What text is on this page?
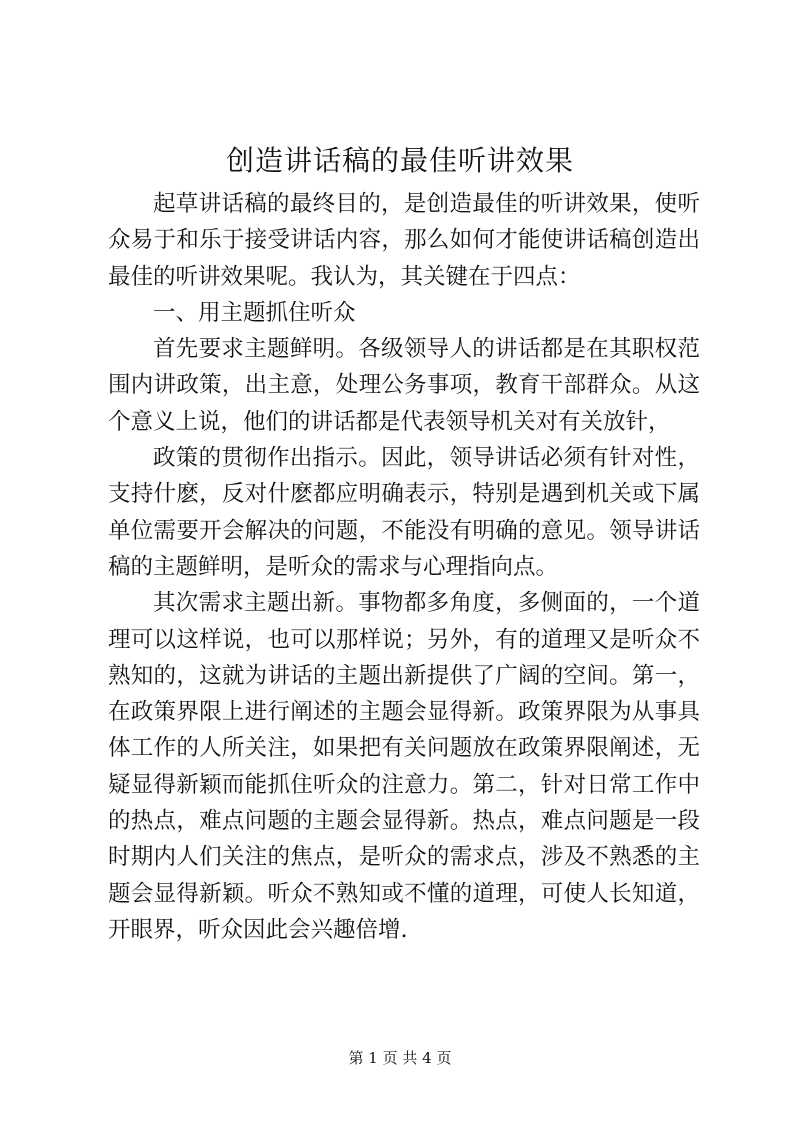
创造讲话稿的最佳听讲效果

起草讲话稿的最终目的，是创造最佳的听讲效果，使听众易于和乐于接受讲话内容，那么如何才能使讲话稿创造出最佳的听讲效果呢。我认为，其关键在于四点：

一、用主题抓住听众

首先要求主题鲜明。各级领导人的讲话都是在其职权范围内讲政策，出主意，处理公务事项，教育干部群众。从这个意义上说，他们的讲话都是代表领导机关对有关放针，

政策的贯彻作出指示。因此，领导讲话必须有针对性，支持什麽，反对什麽都应明确表示，特别是遇到机关或下属单位需要开会解决的问题，不能没有明确的意见。领导讲话稿的主题鲜明，是听众的需求与心理指向点。

其次需求主题出新。事物都多角度，多侧面的，一个道理可以这样说，也可以那样说；另外，有的道理又是听众不熟知的，这就为讲话的主题出新提供了广阔的空间。第一，在政策界限上进行阐述的主题会显得新。政策界限为从事具体工作的人所关注，如果把有关问题放在政策界限阐述，无疑显得新颖而能抓住听众的注意力。第二，针对日常工作中的热点，难点问题的主题会显得新。热点，难点问题是一段时期内人们关注的焦点，是听众的需求点，涉及不熟悉的主题会显得新颖。听众不熟知或不懂的道理，可使人长知道，开眼界，听众因此会兴趣倍增.

第 1 页 共 4 页
